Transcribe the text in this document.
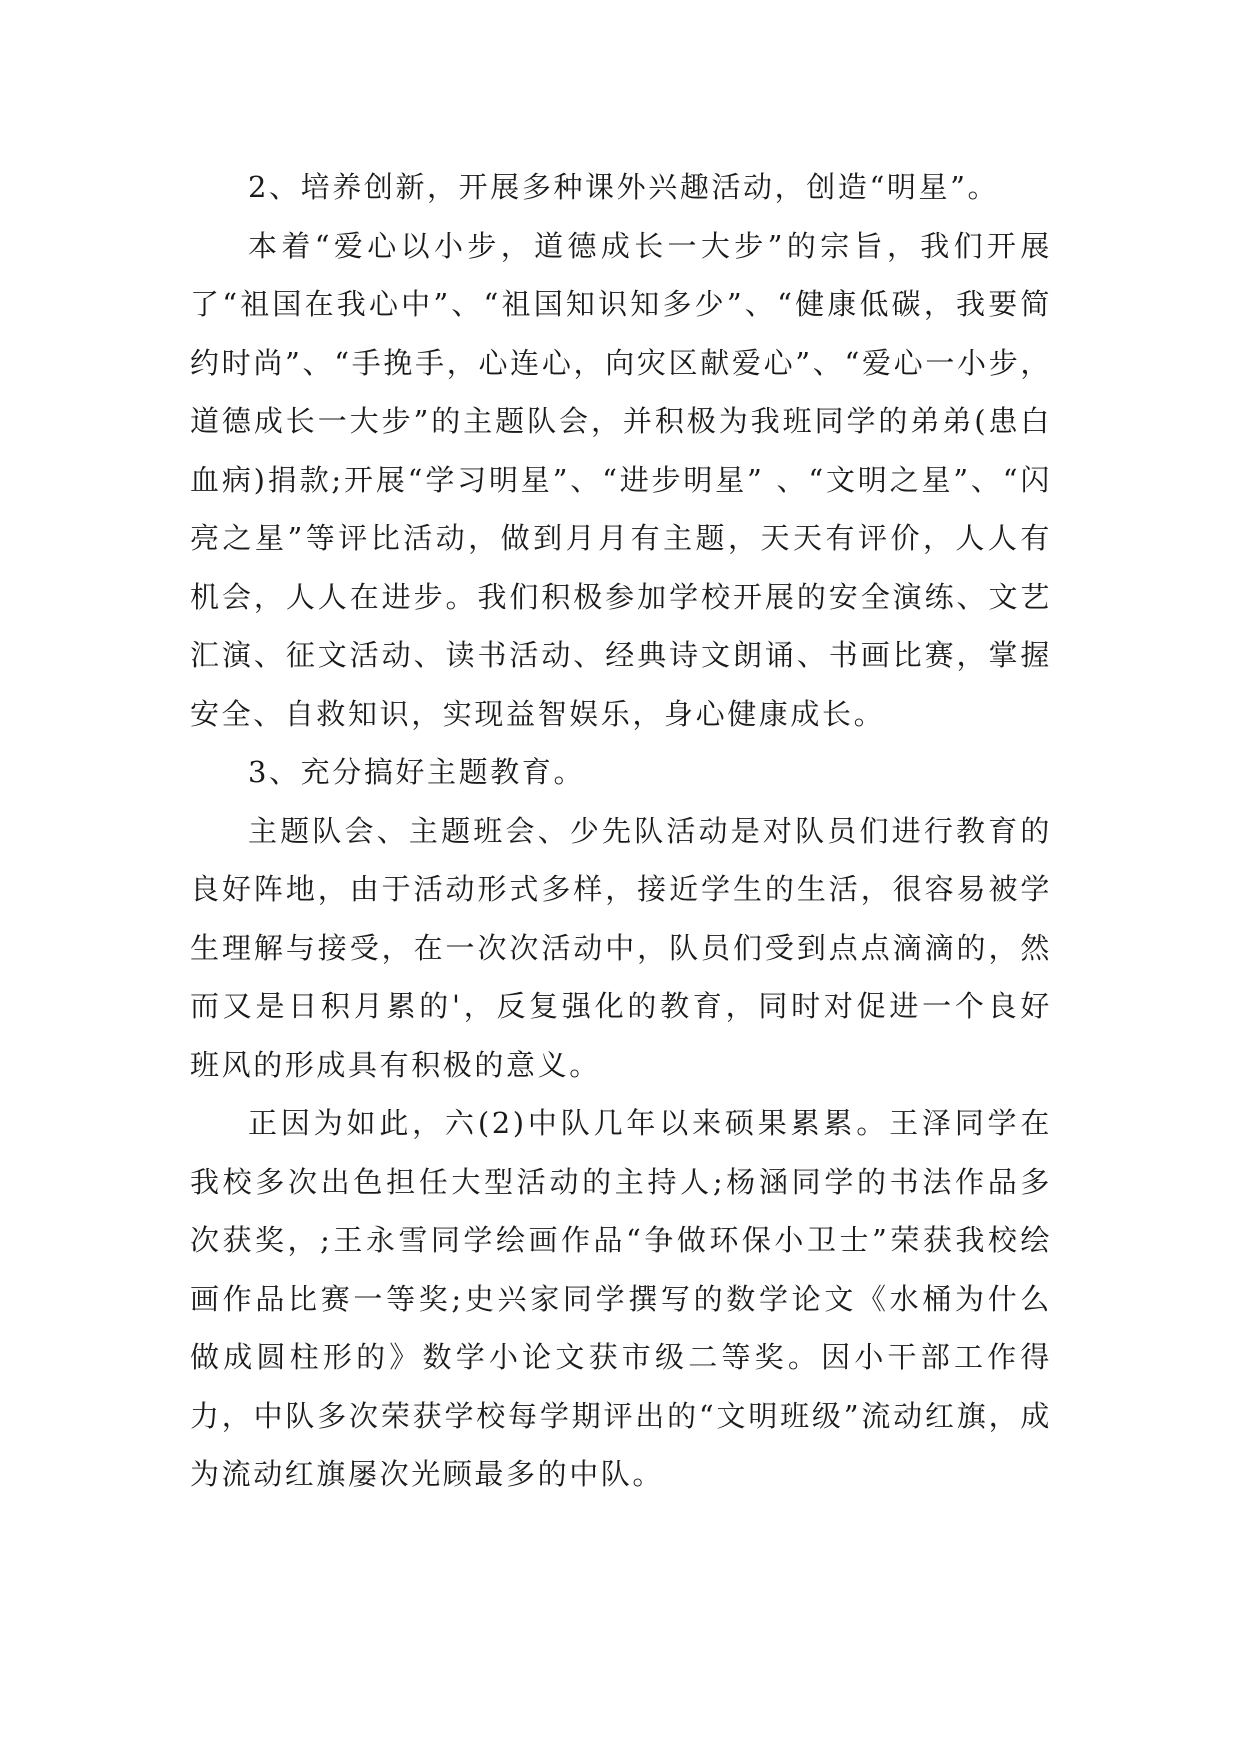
2、培养创新，开展多种课外兴趣活动，创造“明星”。

本着“爱心以小步，道德成长一大步”的宗旨，我们开展了“祖国在我心中”、“祖国知识知多少”、“健康低碳，我要简约时尚”、“手挽手，心连心，向灾区献爱心”、“爱心一小步，道德成长一大步”的主题队会，并积极为我班同学的弟弟(患白血病)捐款;开展“学习明星”、“进步明星” 、“文明之星”、“闪亮之星”等评比活动，做到月月有主题，天天有评价，人人有机会，人人在进步。我们积极参加学校开展的安全演练、文艺汇演、征文活动、读书活动、经典诗文朗诵、书画比赛，掌握安全、自救知识，实现益智娱乐，身心健康成长。

3、充分搞好主题教育。

主题队会、主题班会、少先队活动是对队员们进行教育的良好阵地，由于活动形式多样，接近学生的生活，很容易被学生理解与接受，在一次次活动中，队员们受到点点滴滴的，然而又是日积月累的'，反复强化的教育，同时对促进一个良好班风的形成具有积极的意义。

正因为如此，六(2)中队几年以来硕果累累。王泽同学在我校多次出色担任大型活动的主持人;杨涵同学的书法作品多次获奖，;王永雪同学绘画作品“争做环保小卫士”荣获我校绘画作品比赛一等奖;史兴家同学撰写的数学论文《水桶为什么做成圆柱形的》数学小论文获市级二等奖。因小干部工作得力，中队多次荣获学校每学期评出的“文明班级”流动红旗，成为流动红旗屡次光顾最多的中队。
